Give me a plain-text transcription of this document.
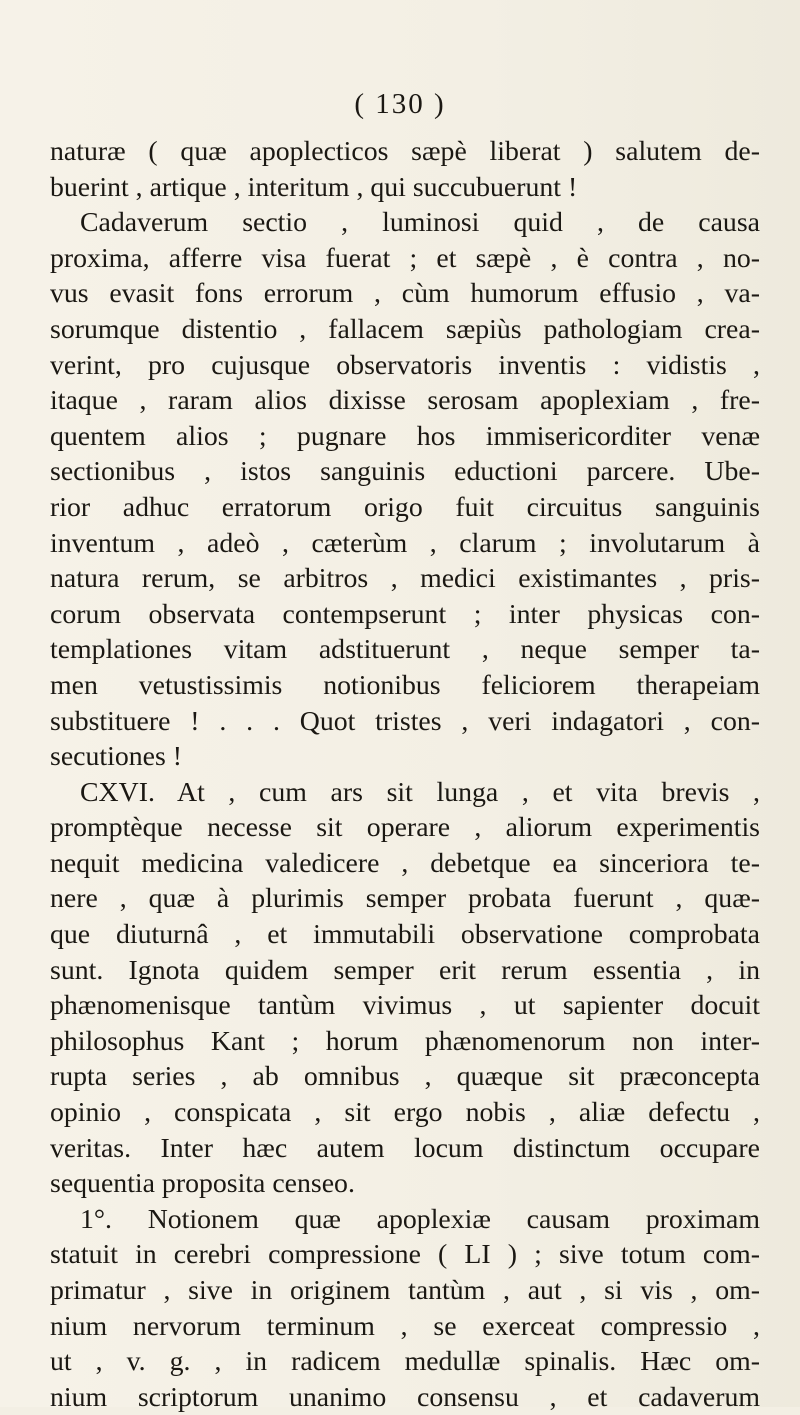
( 130 )
naturæ ( quæ apoplecticos sæpè liberat ) salutem de-
buerint , artique , interitum , qui succubuerunt !
Cadaverum sectio , luminosi quid , de causa
proxima, afferre visa fuerat ; et sæpè , è contra , no-
vus evasit fons errorum , cùm humorum effusio , va-
sorumque distentio , fallacem sæpiùs pathologiam crea-
verint, pro cujusque observatoris inventis : vidistis ,
itaque , raram alios dixisse serosam apoplexiam , fre-
quentem alios ; pugnare hos immisericorditer venæ
sectionibus , istos sanguinis eductioni parcere. Ube-
rior adhuc erratorum origo fuit circuitus sanguinis
inventum , adeò , cæterùm , clarum ; involutarum à
natura rerum, se arbitros , medici existimantes , pris-
corum observata contempserunt ; inter physicas con-
templationes vitam adstituerunt , neque semper ta-
men vetustissimis notionibus feliciorem therapeiam
substituere ! . . . Quot tristes , veri indagatori , con-
secutiones !
CXVI. At , cum ars sit lunga , et vita brevis ,
promptèque necesse sit operare , aliorum experimentis
nequit medicina valedicere , debetque ea sinceriora te-
nere , quæ à plurimis semper probata fuerunt , quæ-
que diuturnâ , et immutabili observatione comprobata
sunt. Ignota quidem semper erit rerum essentia , in
phænomenisque tantùm vivimus , ut sapienter docuit
philosophus Kant ; horum phænomenorum non inter-
rupta series , ab omnibus , quæque sit præconcepta
opinio , conspicata , sit ergo nobis , aliæ defectu ,
veritas. Inter hæc autem locum distinctum occupare
sequentia proposita censeo.
1°. Notionem quæ apoplexiæ causam proximam
statuit in cerebri compressione ( LI ) ; sive totum com-
primatur , sive in originem tantùm , aut , si vis , om-
nium nervorum terminum , se exerceat compressio ,
ut , v. g. , in radicem medullæ spinalis. Hæc om-
nium scriptorum unanimo consensu , et cadaverum
